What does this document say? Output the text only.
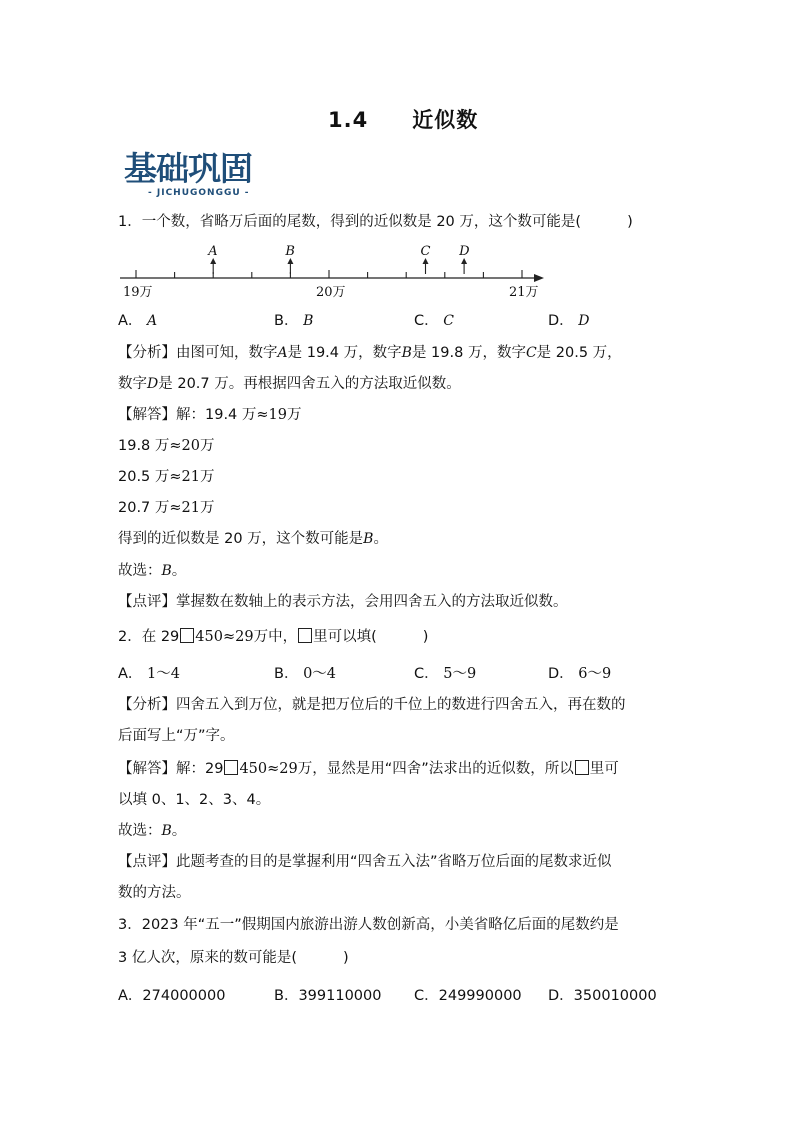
1.4 近似数
基础巩固
- JICHUGONGGU -
1．一个数，省略万后面的尾数，得到的近似数是 20 万，这个数可能是(	)
19万	20万	21万
A	B	C D
A． A	B． B	C． C	D． D
【分析】由图可知，数字A是 19.4 万，数字B是 19.8 万，数字C是 20.5 万，
数字D是 20.7 万。再根据四舍五入的方法取近似数。
【解答】解：19.4 万≈19万
19.8 万≈20万
20.5 万≈21万
20.7 万≈21万
得到的近似数是 20 万，这个数可能是B。
故选：B。
【点评】掌握数在数轴上的表示方法，会用四舍五入的方法取近似数。
2．在 29 450≈29万中， 里可以填(	)
A． 1～4	B． 0～4	C． 5～9	D． 6～9
【分析】四舍五入到万位，就是把万位后的千位上的数进行四舍五入，再在数的
后面写上“万”字。
【解答】解：29 450≈29万，显然是用“四舍”法求出的近似数，所以 里可
以填 0、1、2、3、4。
故选：B。
【点评】此题考查的目的是掌握利用“四舍五入法”省略万位后面的尾数求近似
数的方法。
3．2023 年“五一”假期国内旅游出游人数创新高，小美省略亿后面的尾数约是
3 亿人次，原来的数可能是(	)
A．274000000	B．399110000 C．249990000 D．350010000
